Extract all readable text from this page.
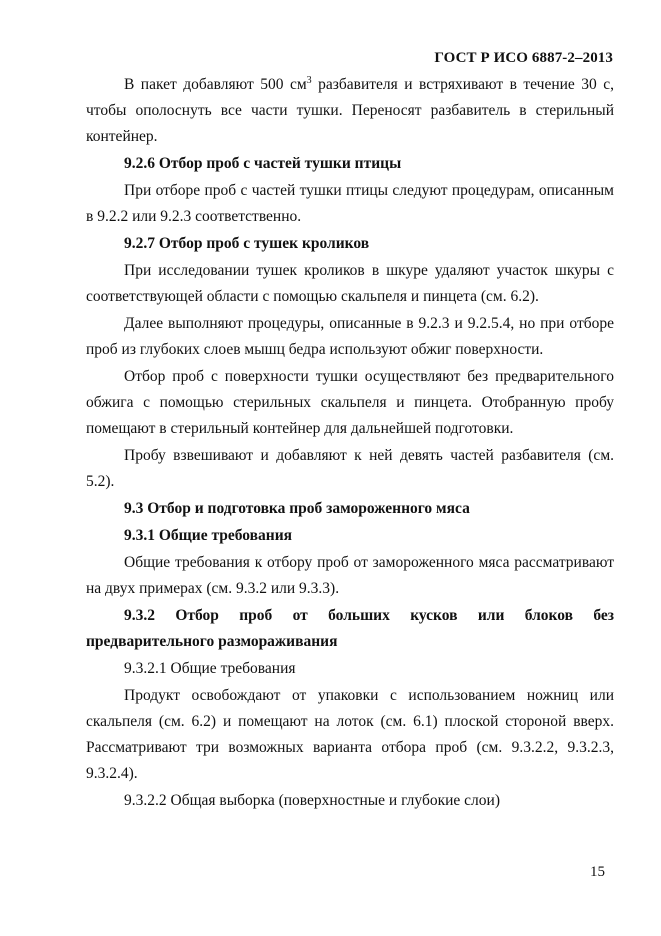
ГОСТ Р ИСО 6887-2–2013

В пакет добавляют 500 $см^3$ разбавителя и встряхивают в течение 30 с, чтобы ополоснуть все части тушки. Переносят разбавитель в стерильный контейнер.

9.2.6 Отбор проб с частей тушки птицы

При отборе проб с частей тушки птицы следуют процедурам, описанным в 9.2.2 или 9.2.3 соответственно.

9.2.7 Отбор проб с тушек кроликов

При исследовании тушек кроликов в шкуре удаляют участок шкуры с соответствующей области с помощью скальпеля и пинцета (см. 6.2).

Далее выполняют процедуры, описанные в 9.2.3 и 9.2.5.4, но при отборе проб из глубоких слоев мышц бедра используют обжиг поверхности.

Отбор проб с поверхности тушки осуществляют без предварительного обжига с помощью стерильных скальпеля и пинцета. Отобранную пробу помещают в стерильный контейнер для дальнейшей подготовки.

Пробу взвешивают и добавляют к ней девять частей разбавителя (см. 5.2).

9.3 Отбор и подготовка проб замороженного мяса

9.3.1 Общие требования

Общие требования к отбору проб от замороженного мяса рассматривают на двух примерах (см. 9.3.2 или 9.3.3).

9.3.2 Отбор проб от больших кусков или блоков без предварительного размораживания

9.3.2.1 Общие требования

Продукт освобождают от упаковки с использованием ножниц или скальпеля (см. 6.2) и помещают на лоток (см. 6.1) плоской стороной вверх. Рассматривают три возможных варианта отбора проб (см. 9.3.2.2, 9.3.2.3, 9.3.2.4).

9.3.2.2 Общая выборка (поверхностные и глубокие слои)

15
